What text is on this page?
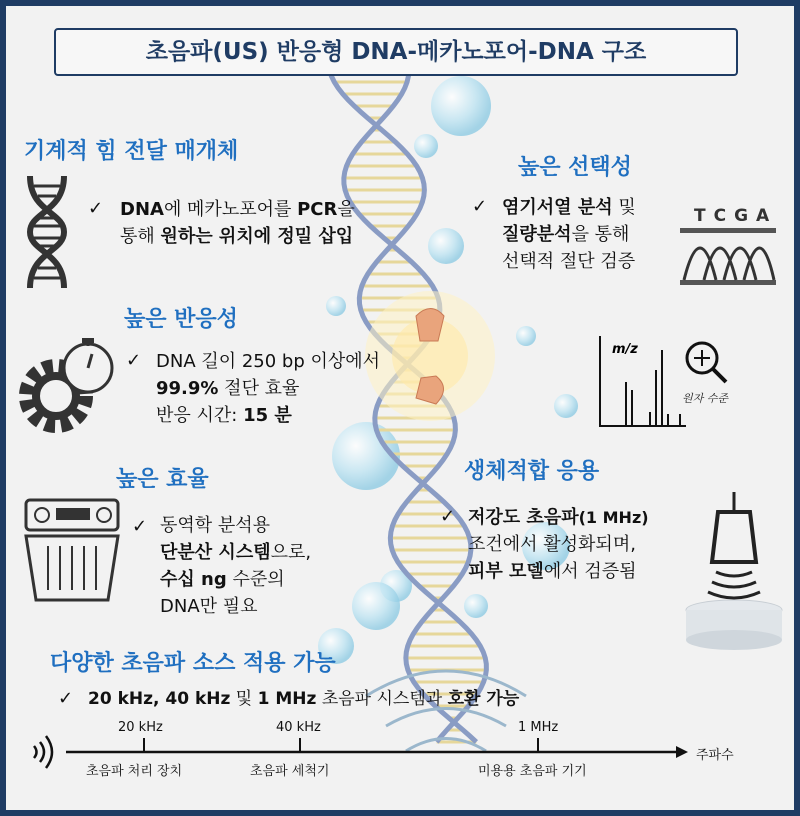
초음파(US) 반응형 DNA-메카노포어-DNA 구조
기계적 힘 전달 매개체
✓ DNA에 메카노포어를 PCR을
통해 원하는 위치에 정밀 삽입
높은 반응성
✓ DNA 길이 250 bp 이상에서
99.9% 절단 효율
반응 시간: 15 분
높은 효율
✓ 동역학 분석용
단분산 시스템으로,
수십 ng 수준의
DNA만 필요
높은 선택성
✓ 염기서열 분석 및
질량분석을 통해
선택적 절단 검증
TCGA
m/z
원자 수준
생체적합 응용
✓ 저강도 초음파(1 MHz)
조건에서 활성화되며,
피부 모델에서 검증됨
다양한 초음파 소스 적용 가능
✓ 20 kHz, 40 kHz 및 1 MHz 초음파 시스템과 호환 가능
20 kHz	40 kHz	1 MHz
초음파 처리 장치	초음파 세척기	미용용 초음파 기기
주파수
